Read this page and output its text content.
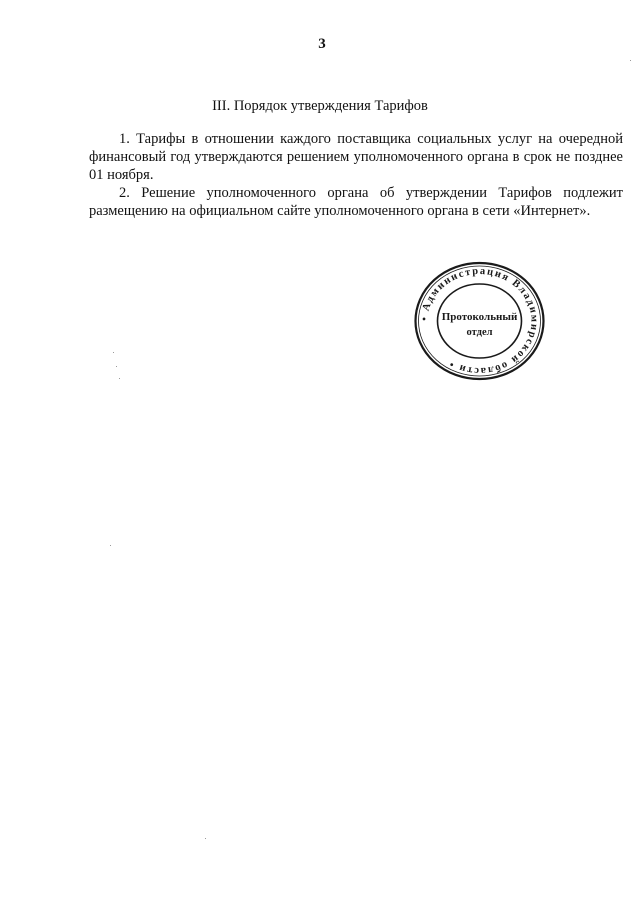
3
III. Порядок утверждения Тарифов

1. Тарифы в отношении каждого поставщика социальных услуг на очередной финансовый год утверждаются решением уполномоченного органа в срок не позднее 01 ноября.

2. Решение уполномоченного органа об утверждении Тарифов подлежит размещению на официальном сайте уполномоченного органа в сети «Интернет».

• Администрация Владимирской области •
Протокольный
отдел
